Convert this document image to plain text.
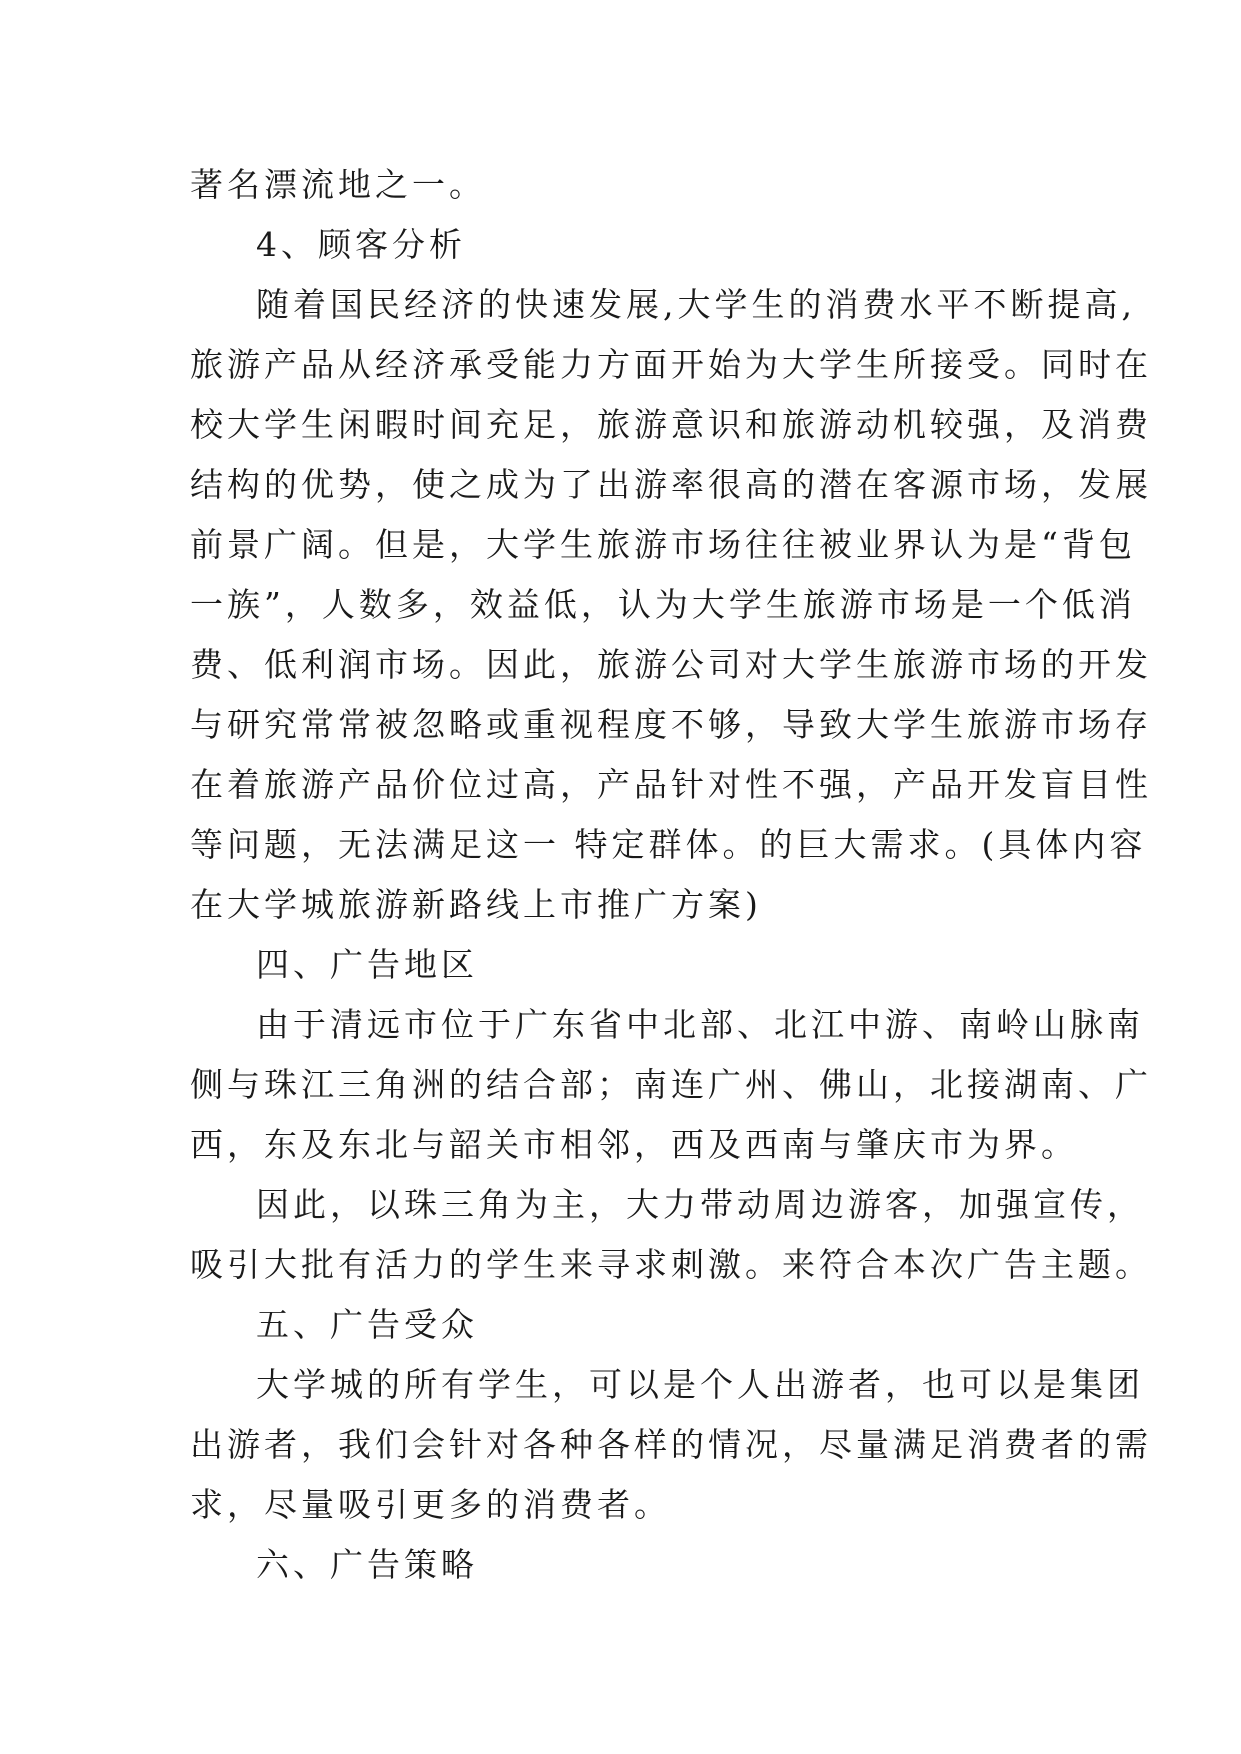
著名漂流地之一。
4、顾客分析
随着国民经济的快速发展,大学生的消费水平不断提高,
旅游产品从经济承受能力方面开始为大学生所接受。同时在
校大学生闲暇时间充足，旅游意识和旅游动机较强，及消费
结构的优势，使之成为了出游率很高的潜在客源市场，发展
前景广阔。但是，大学生旅游市场往往被业界认为是“背包
一族”，人数多，效益低，认为大学生旅游市场是一个低消
费、低利润市场。因此，旅游公司对大学生旅游市场的开发
与研究常常被忽略或重视程度不够，导致大学生旅游市场存
在着旅游产品价位过高，产品针对性不强，产品开发盲目性
等问题，无法满足这一 特定群体。的巨大需求。(具体内容
在大学城旅游新路线上市推广方案)
四、广告地区
由于清远市位于广东省中北部、北江中游、南岭山脉南
侧与珠江三角洲的结合部；南连广州、佛山，北接湖南、广
西，东及东北与韶关市相邻，西及西南与肇庆市为界。
因此，以珠三角为主，大力带动周边游客，加强宣传，
吸引大批有活力的学生来寻求刺激。来符合本次广告主题。
五、广告受众
大学城的所有学生，可以是个人出游者，也可以是集团
出游者，我们会针对各种各样的情况，尽量满足消费者的需
求，尽量吸引更多的消费者。
六、广告策略
